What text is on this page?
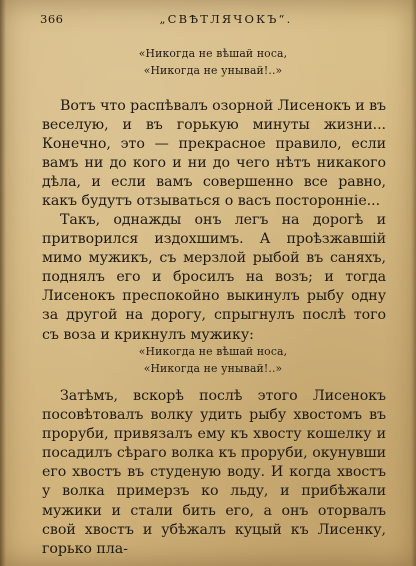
366	„СВѢТЛЯЧОКЪ“.
«Никогда не вѣшай носа,
«Никогда не унывай!..»

Вотъ что распѣвалъ озорной Лисенокъ и въ веселую, и въ горькую минуты жизни... Конечно, это — прекрасное правило, если вамъ ни до кого и ни до чего нѣтъ никакого дѣла, и если вамъ совершенно все равно, какъ будутъ отзываться о васъ посторонніе...

Такъ, однажды онъ легъ на дорогѣ и притворился издохшимъ. А проѣзжавшій мимо мужикъ, съ мерзлой рыбой въ саняхъ, поднялъ его и бросилъ на возъ; и тогда Лисенокъ преспокойно выкинулъ рыбу одну за другой на дорогу, спрыгнулъ послѣ того съ воза и крикнулъ мужику:

«Никогда не вѣшай носа,
«Никогда не унывай!..»

Затѣмъ, вскорѣ послѣ этого Лисенокъ посовѣтовалъ волку удить рыбу хвостомъ въ проруби, привязалъ ему къ хвосту кошелку и посадилъ сѣраго волка къ проруби, окунувши его хвостъ въ студеную воду. И когда хвостъ у волка примерзъ ко льду, и прибѣжали мужики и стали бить его, а онъ оторвалъ свой хвостъ и убѣжалъ куцый къ Лисенку, горько пла-
